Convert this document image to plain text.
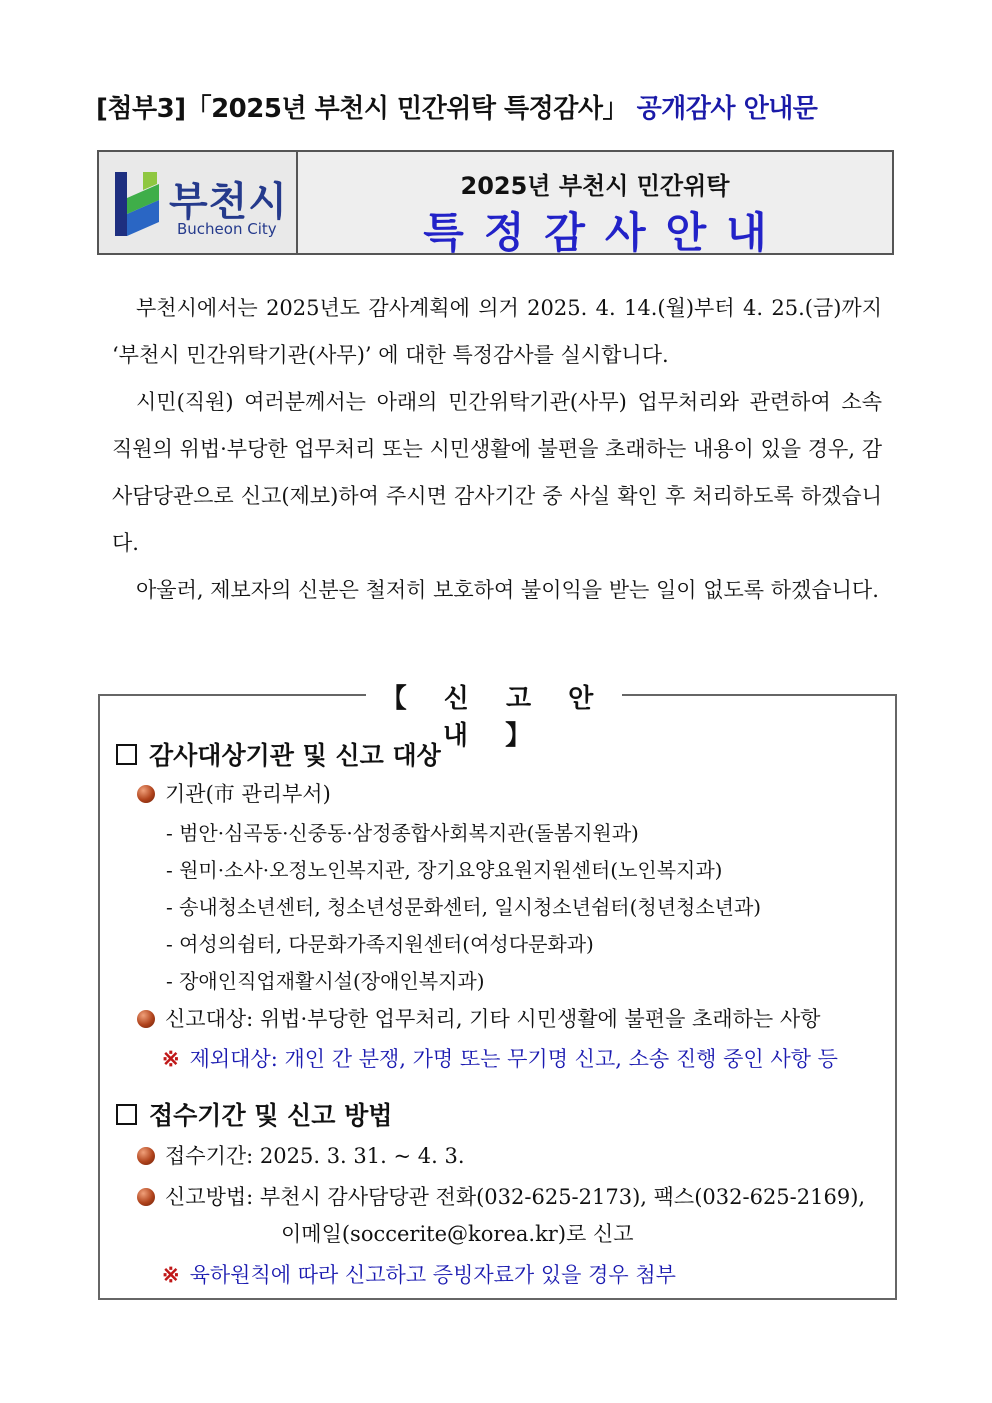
[첨부3]「2025년 부천시 민간위탁 특정감사」 공개감사 안내문
부천시
Bucheon City
2025년 부천시 민간위탁
특정감사안내

부천시에서는 2025년도 감사계획에 의거 2025. 4. 14.(월)부터 4. 25.(금)까지 ‘부천시 민간위탁기관(사무)’ 에 대한 특정감사를 실시합니다.

시민(직원) 여러분께서는 아래의 민간위탁기관(사무) 업무처리와 관련하여 소속 직원의 위법·부당한 업무처리 또는 시민생활에 불편을 초래하는 내용이 있을 경우, 감사담당관으로 신고(제보)하여 주시면 감사기간 중 사실 확인 후 처리하도록 하겠습니다.

아울러, 제보자의 신분은 철저히 보호하여 불이익을 받는 일이 없도록 하겠습니다.

【 신 고 안 내 】
감사대상기관 및 신고 대상
기관(市 관리부서)
- 범안·심곡동·신중동·삼정종합사회복지관(돌봄지원과)
- 원미·소사·오정노인복지관, 장기요양요원지원센터(노인복지과)
- 송내청소년센터, 청소년성문화센터, 일시청소년쉼터(청년청소년과)
- 여성의쉼터, 다문화가족지원센터(여성다문화과)
- 장애인직업재활시설(장애인복지과)
신고대상: 위법·부당한 업무처리, 기타 시민생활에 불편을 초래하는 사항
※ 제외대상: 개인 간 분쟁, 가명 또는 무기명 신고, 소송 진행 중인 사항 등
접수기간 및 신고 방법
접수기간: 2025. 3. 31. ~ 4. 3.
신고방법: 부천시 감사담당관 전화(032-625-2173), 팩스(032-625-2169),
이메일(soccerite@korea.kr)로 신고
※ 육하원칙에 따라 신고하고 증빙자료가 있을 경우 첨부
